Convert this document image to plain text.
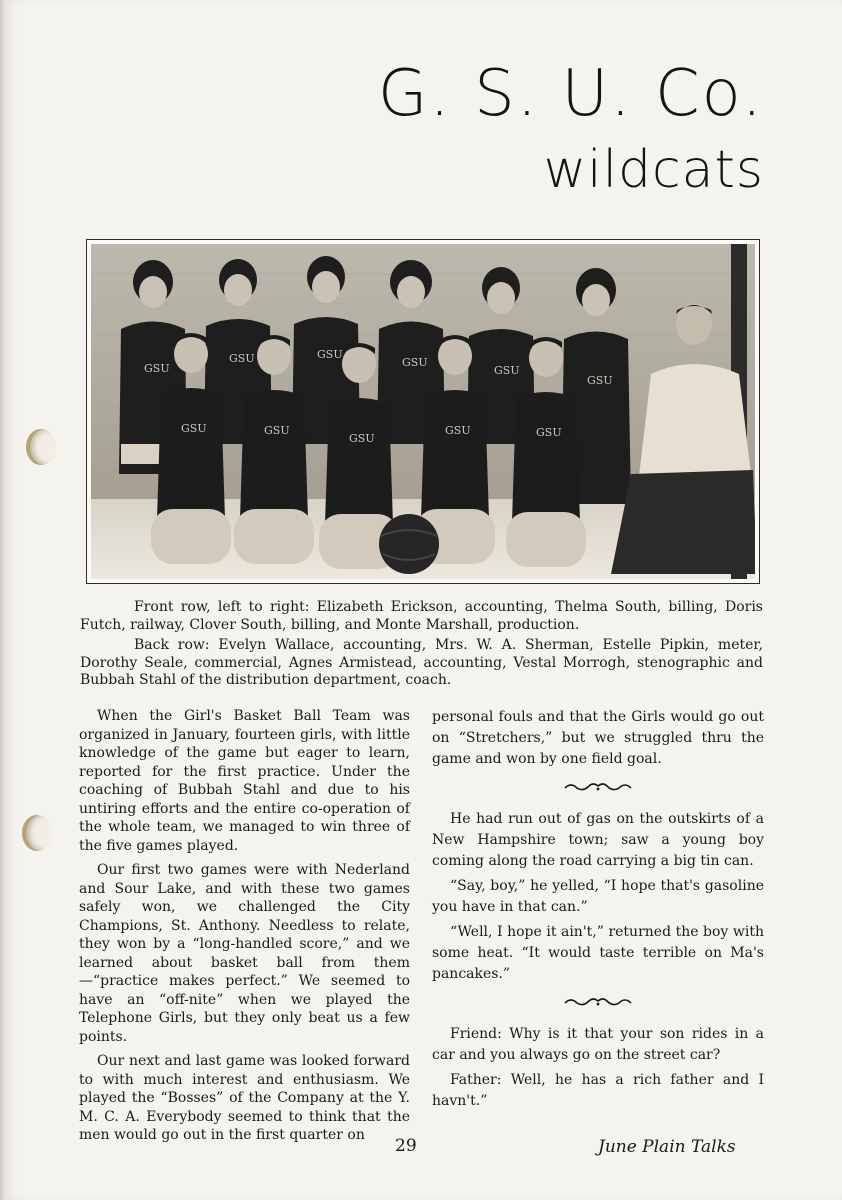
G. S. U. Co.
wildcats
GSU
GSU	GSU
GSU
GSU
GSU
GSU	GSU
GSU
GSU	GSU

Front row, left to right: Elizabeth Erickson, accounting, Thelma South, billing, Doris Futch, railway, Clover South, billing, and Monte Marshall, production.

Back row: Evelyn Wallace, accounting, Mrs. W. A. Sherman, Estelle Pipkin, meter, Dorothy Seale, commercial, Agnes Armistead, accounting, Vestal Morrogh, stenographic and Bubbah Stahl of the distribution department, coach.

When the Girl's Basket Ball Team was organized in January, fourteen girls, with little knowledge of the game but eager to learn, reported for the first practice. Under the coaching of Bubbah Stahl and due to his untiring efforts and the entire co-operation of the whole team, we managed to win three of the five games played.

Our first two games were with Nederland and Sour Lake, and with these two games safely won, we challenged the City Champions, St. Anthony. Needless to relate, they won by a “long-handled score,” and we learned about basket ball from them—“practice makes perfect.” We seemed to have an “off-nite” when we played the Telephone Girls, but they only beat us a few points.

Our next and last game was looked forward to with much interest and enthusiasm. We played the “Bosses” of the Company at the Y. M. C. A. Everybody seemed to think that the men would go out in the first quarter on

personal fouls and that the Girls would go out on “Stretchers,” but we struggled thru the game and won by one field goal.

He had run out of gas on the outskirts of a New Hampshire town; saw a young boy coming along the road carrying a big tin can.

“Say, boy,” he yelled, “I hope that's gasoline you have in that can.”

“Well, I hope it ain't,” returned the boy with some heat. “It would taste terrible on Ma's pancakes.”

Friend: Why is it that your son rides in a car and you always go on the street car?

Father: Well, he has a rich father and I havn't.”

29	June Plain Talks
